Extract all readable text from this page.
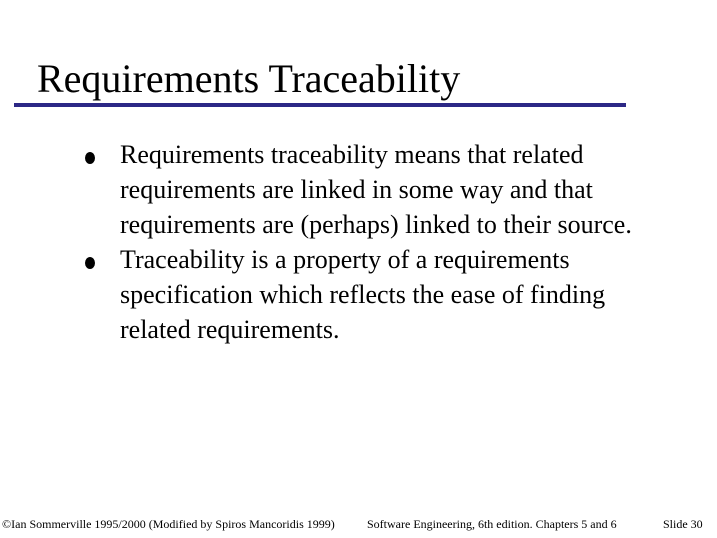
Requirements Traceability
Requirements traceability means that related requirements are linked in some way and that requirements are (perhaps) linked to their source.
Traceability is a property of a requirements specification which reflects the ease of finding related requirements.
©Ian Sommerville 1995/2000 (Modified by Spiros Mancoridis 1999)	Software Engineering, 6th edition. Chapters 5 and 6	Slide 30
